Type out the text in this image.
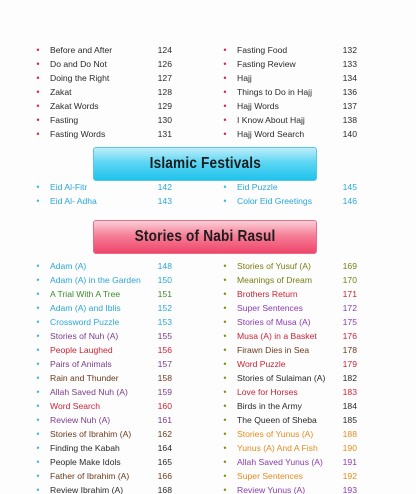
• Before and After	124
• Do and Do Not	126
• Doing the Right	127
• Zakat	128
• Zakat Words	129
• Fasting	130
• Fasting Words	131
• Fasting Food	132
• Fasting Review	133
• Hajj	134
• Things to Do in Hajj	136
• Hajj Words	137
• I Know About Hajj	138
• Hajj Word Search	140
Islamic Festivals
• Eid Al-Fitr	142
• Eid Al- Adha	143
• Eid Puzzle	145
• Color Eid Greetings	146
Stories of Nabi Rasul
• Adam (A)	148
• Adam (A) in the Garden	150
• A Trial With A Tree	151
• Adam (A) and Iblis	152
• Crossword Puzzle	153
• Stories of Nuh (A)	155
• People Laughed	156
• Pairs of Animals	157
• Rain and Thunder	158
• Allah Saved Nuh (A)	159
• Word Search	160
• Review Nuh (A)	161
• Stories of Ibrahim (A)	162
• Finding the Kabah	164
• People Make Idols	165
• Father of Ibrahim (A)	166
• Review Ibrahim (A)	168
• Stories of Yusuf (A)	169
• Meanings of Dream	170
• Brothers Return	171
• Super Sentences	172
• Stories of Musa (A)	175
• Musa (A) in a Basket	176
• Firawn Dies in Sea	178
• Word Puzzle	179
• Stories of Sulaiman (A)	182
• Love for Horses	183
• Birds in the Army	184
• The Queen of Sheba	185
• Stories of Yunus (A)	188
• Yunus (A) And A Fish	190
• Allah Saved Yunus (A)	191
• Super Sentences	192
• Review Yunus (A)	193
